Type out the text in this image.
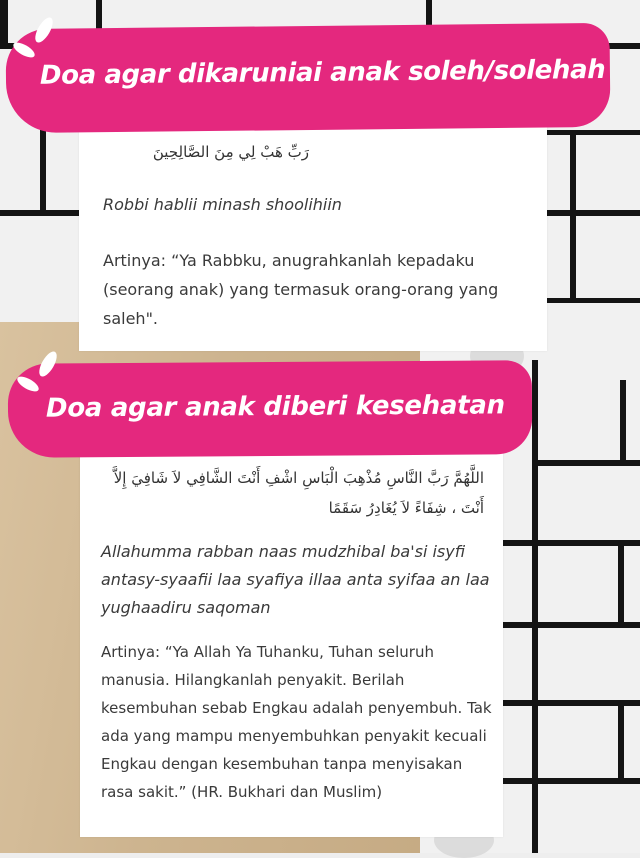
رَبِّ هَبْ لِي مِنَ الصَّالِحِينَ
Robbi hablii minash shoolihiin
Artinya: “Ya Rabbku, anugrahkanlah kepadaku (seorang anak) yang termasuk orang-orang yang saleh".
Doa agar dikaruniai anak soleh/solehah
اللَّهُمَّ رَبَّ النَّاسِ مُذْهِبَ الْبَاسِ اشْفِ أَنْتَ الشَّافِي لاَ شَافِيَ إِلاَّ أَنْتَ ، شِفَاءً لاَ يُغَادِرُ سَقَمًا
Allahumma rabban naas mudzhibal ba'si isyfi antasy-syaafii laa syafiya illaa anta syifaa an laa yughaadiru saqoman
Artinya: “Ya Allah Ya Tuhanku, Tuhan seluruh manusia. Hilangkanlah penyakit. Berilah kesembuhan sebab Engkau adalah penyembuh. Tak ada yang mampu menyembuhkan penyakit kecuali Engkau dengan kesembuhan tanpa menyisakan rasa sakit.” (HR. Bukhari dan Muslim)
Doa agar anak diberi kesehatan
